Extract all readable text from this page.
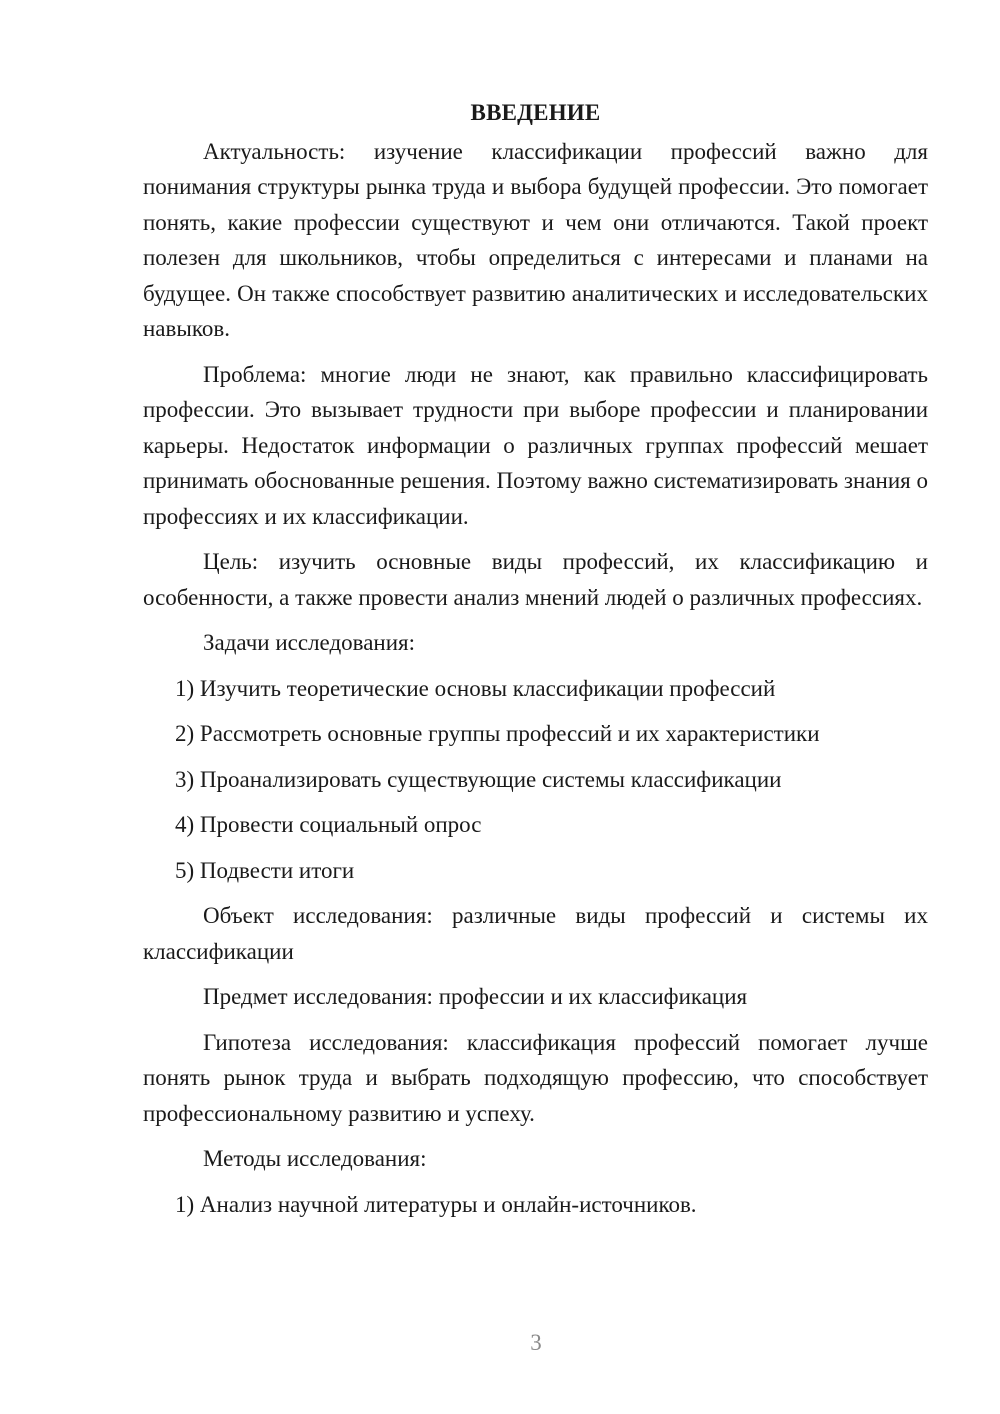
ВВЕДЕНИЕ

Актуальность: изучение классификации профессий важно для понимания структуры рынка труда и выбора будущей профессии. Это помогает понять, какие профессии существуют и чем они отличаются. Такой проект полезен для школьников, чтобы определиться с интересами и планами на будущее. Он также способствует развитию аналитических и исследовательских навыков.

Проблема: многие люди не знают, как правильно классифицировать профессии. Это вызывает трудности при выборе профессии и планировании карьеры. Недостаток информации о различных группах профессий мешает принимать обоснованные решения. Поэтому важно систематизировать знания о профессиях и их классификации.

Цель: изучить основные виды профессий, их классификацию и особенности, а также провести анализ мнений людей о различных профессиях.

Задачи исследования:

1) Изучить теоретические основы классификации профессий
2) Рассмотреть основные группы профессий и их характеристики
3) Проанализировать существующие системы классификации
4) Провести социальный опрос
5) Подвести итоги

Объект исследования: различные виды профессий и системы их классификации

Предмет исследования: профессии и их классификация

Гипотеза исследования: классификация профессий помогает лучше понять рынок труда и выбрать подходящую профессию, что способствует профессиональному развитию и успеху.

Методы исследования:

1) Анализ научной литературы и онлайн-источников.
3
